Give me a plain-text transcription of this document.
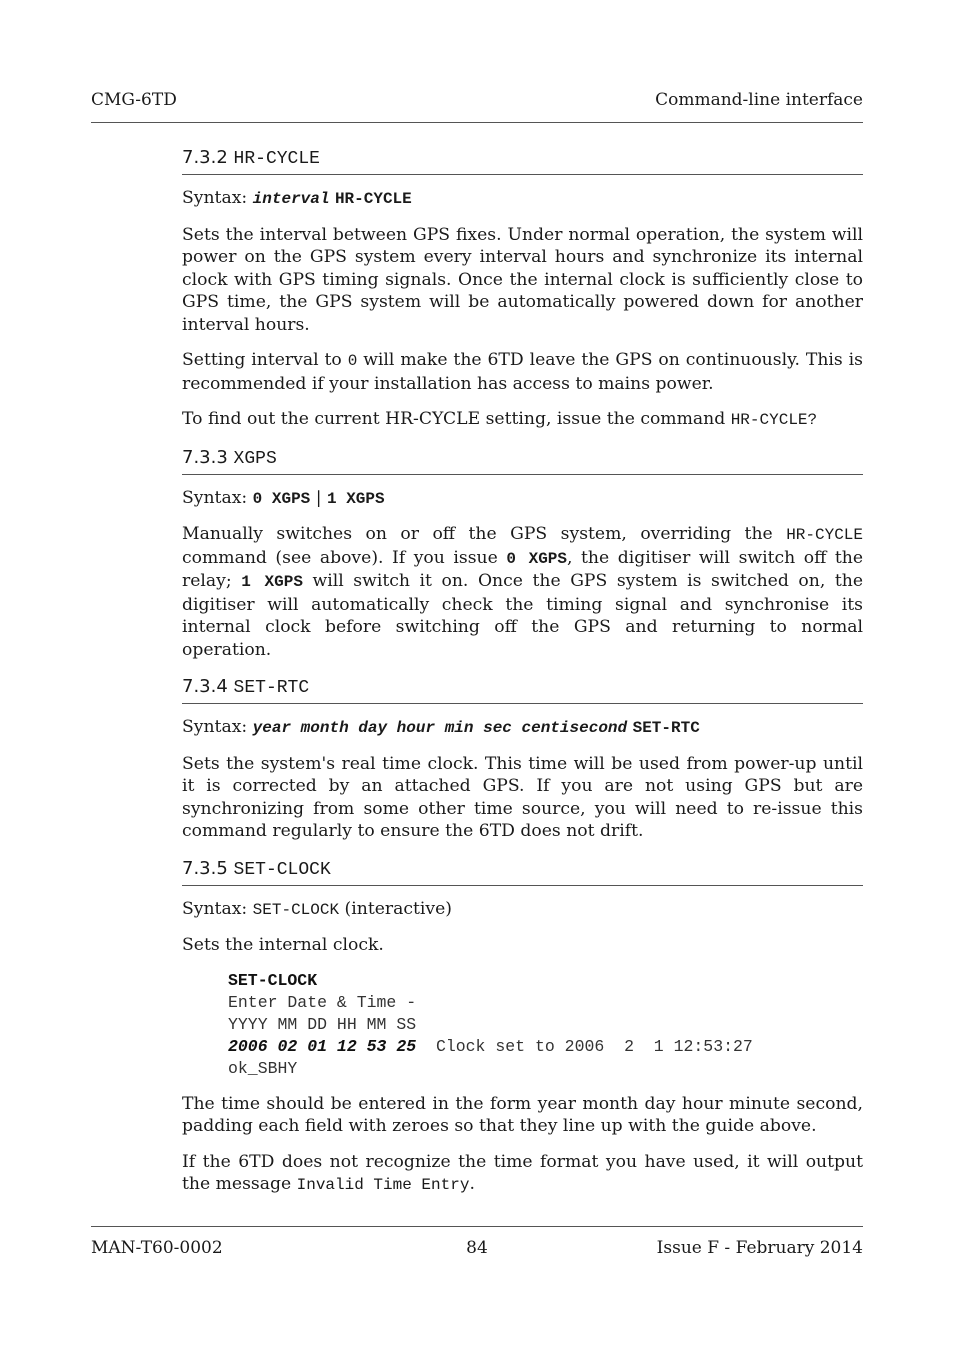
CMG-6TD	Command-line interface
7.3.2 HR-CYCLE

Syntax: interval HR-CYCLE

Sets the interval between GPS fixes. Under normal operation, the system will power on the GPS system every interval hours and synchronize its internal clock with GPS timing signals. Once the internal clock is sufficiently close to GPS time, the GPS system will be automatically powered down for another interval hours.

Setting interval to 0 will make the 6TD leave the GPS on continuously. This is recommended if your installation has access to mains power.

To find out the current HR-CYCLE setting, issue the command HR-CYCLE?

7.3.3 XGPS

Syntax: 0 XGPS | 1 XGPS

Manually switches on or off the GPS system, overriding the HR-CYCLE command (see above). If you issue 0 XGPS, the digitiser will switch off the relay; 1 XGPS will switch it on. Once the GPS system is switched on, the digitiser will automatically check the timing signal and synchronise its internal clock before switching off the GPS and returning to normal operation.

7.3.4 SET-RTC

Syntax: year month day hour min sec centisecond SET-RTC

Sets the system's real time clock. This time will be used from power-up until it is corrected by an attached GPS. If you are not using GPS but are synchronizing from some other time source, you will need to re-issue this command regularly to ensure the 6TD does not drift.

7.3.5 SET-CLOCK

Syntax: SET-CLOCK (interactive)

Sets the internal clock.

SET-CLOCK
Enter Date & Time -
YYYY MM DD HH MM SS
2006 02 01 12 53 25  Clock set to 2006  2  1 12:53:27
ok_SBHY

The time should be entered in the form year month day hour minute second, padding each field with zeroes so that they line up with the guide above.

If the 6TD does not recognize the time format you have used, it will output the message Invalid Time Entry.

MAN-T60-0002	84	Issue F - February 2014
